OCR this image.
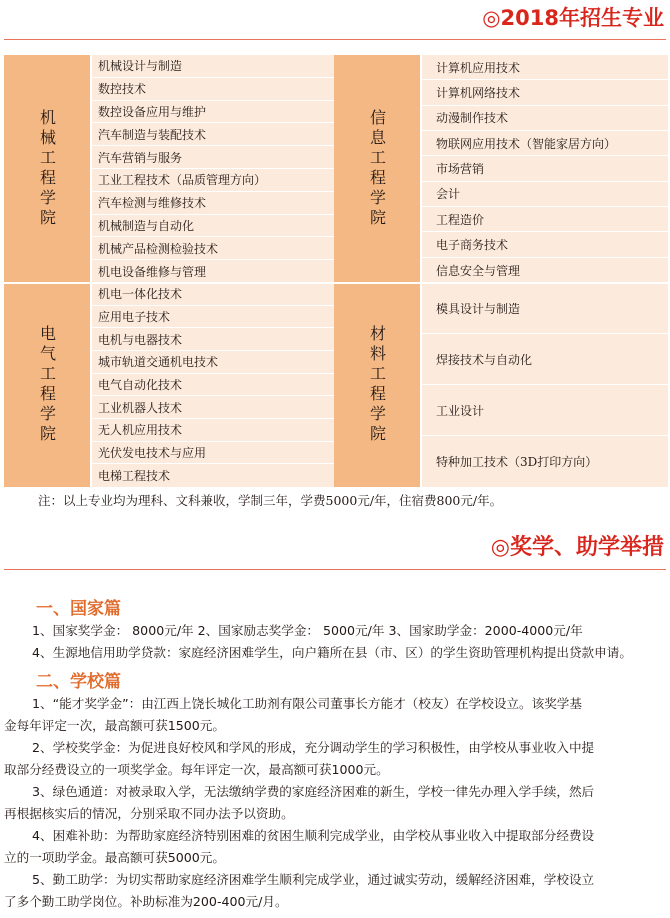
◎2018年招生专业
机械工程学院
机械设计与制造
数控技术
数控设备应用与维护
汽车制造与装配技术
汽车营销与服务
工业工程技术（品质管理方向）
汽车检测与维修技术
机械制造与自动化
机械产品检测检验技术
机电设备维修与管理
信息工程学院
计算机应用技术
计算机网络技术
动漫制作技术
物联网应用技术（智能家居方向）
市场营销
会计
工程造价
电子商务技术
信息安全与管理
电气工程学院
机电一体化技术
应用电子技术
电机与电器技术
城市轨道交通机电技术
电气自动化技术
工业机器人技术
无人机应用技术
光伏发电技术与应用
电梯工程技术
材料工程学院
模具设计与制造
焊接技术与自动化
工业设计
特种加工技术（3D打印方向）
注：以上专业均为理科、文科兼收，学制三年，学费5000元/年，住宿费800元/年。
◎奖学、助学举措
一、国家篇
1、国家奖学金： 8000元/年 2、国家励志奖学金： 5000元/年 3、国家助学金：2000-4000元/年
4、生源地信用助学贷款：家庭经济困难学生，向户籍所在县（市、区）的学生资助管理机构提出贷款申请。
二、学校篇
1、“能才奖学金”：由江西上饶长城化工助剂有限公司董事长方能才（校友）在学校设立。该奖学基
金每年评定一次，最高额可获1500元。
2、学校奖学金：为促进良好校风和学风的形成，充分调动学生的学习积极性，由学校从事业收入中提
取部分经费设立的一项奖学金。每年评定一次，最高额可获1000元。
3、绿色通道：对被录取入学，无法缴纳学费的家庭经济困难的新生，学校一律先办理入学手续，然后
再根据核实后的情况，分别采取不同办法予以资助。
4、困难补助：为帮助家庭经济特别困难的贫困生顺利完成学业，由学校从事业收入中提取部分经费设
立的一项助学金。最高额可获5000元。
5、勤工助学：为切实帮助家庭经济困难学生顺利完成学业，通过诚实劳动，缓解经济困难，学校设立
了多个勤工助学岗位。补助标准为200-400元/月。
